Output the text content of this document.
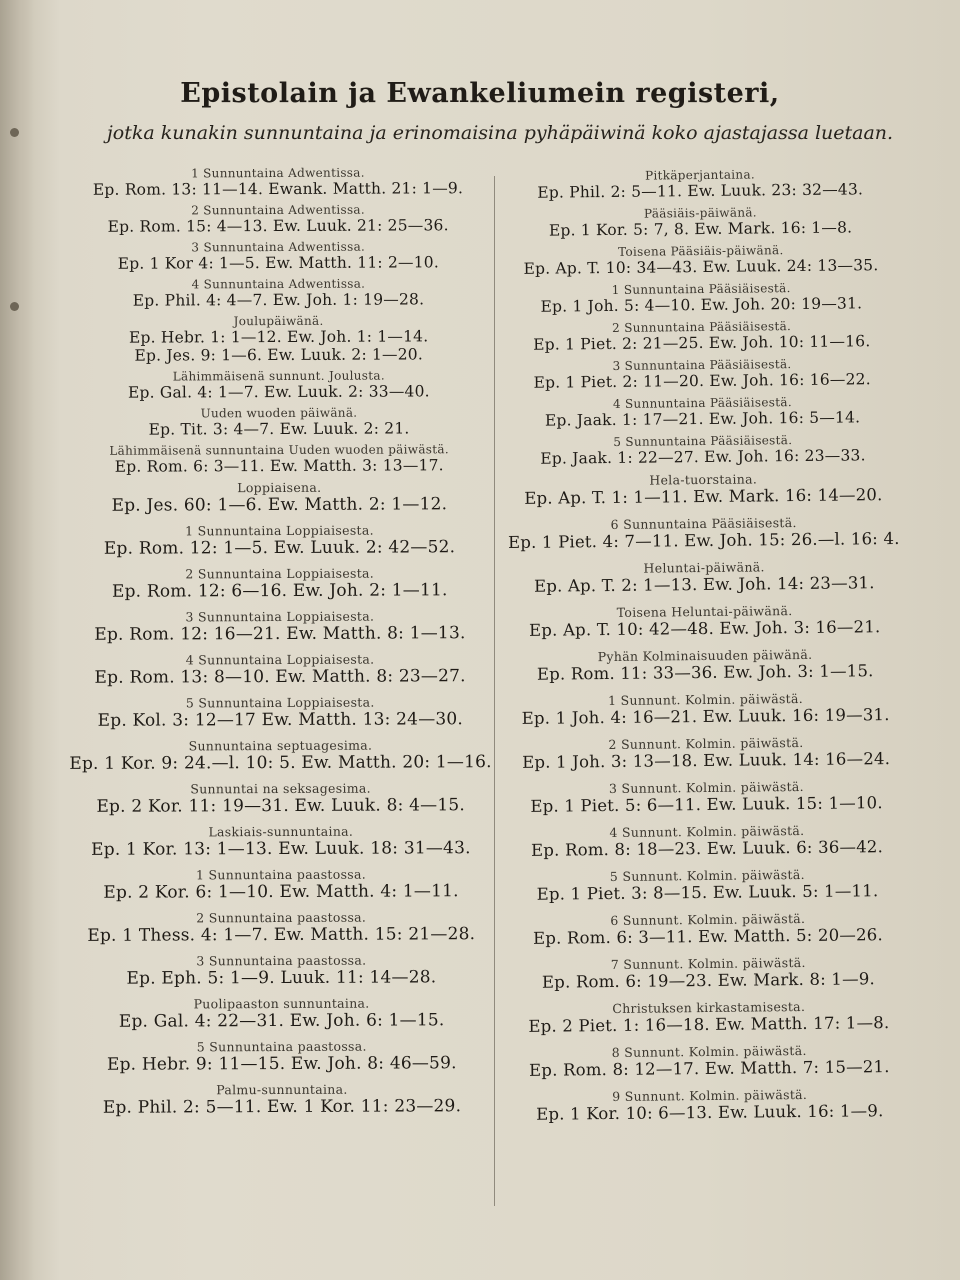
Epistolain ja Ewankeliumein registeri,
jotka kunakin sunnuntaina ja erinomaisina pyhäpäiwinä koko ajastajassa luetaan.
1 Sunnuntaina Adwentissa.
Ep. Rom. 13: 11—14. Ewank. Matth. 21: 1—9.
2 Sunnuntaina Adwentissa.
Ep. Rom. 15: 4—13. Ew. Luuk. 21: 25—36.
3 Sunnuntaina Adwentissa.
Ep. 1 Kor 4: 1—5. Ew. Matth. 11: 2—10.
4 Sunnuntaina Adwentissa.
Ep. Phil. 4: 4—7. Ew. Joh. 1: 19—28.
Joulupäiwänä.
Ep. Hebr. 1: 1—12. Ew. Joh. 1: 1—14.
Ep. Jes. 9: 1—6. Ew. Luuk. 2: 1—20.
Lähimmäisenä sunnunt. Joulusta.
Ep. Gal. 4: 1—7. Ew. Luuk. 2: 33—40.
Uuden wuoden päiwänä.
Ep. Tit. 3: 4—7. Ew. Luuk. 2: 21.
Lähimmäisenä sunnuntaina Uuden wuoden päiwästä.
Ep. Rom. 6: 3—11. Ew. Matth. 3: 13—17.
Loppiaisena.
Ep. Jes. 60: 1—6. Ew. Matth. 2: 1—12.
1 Sunnuntaina Loppiaisesta.
Ep. Rom. 12: 1—5. Ew. Luuk. 2: 42—52.
2 Sunnuntaina Loppiaisesta.
Ep. Rom. 12: 6—16. Ew. Joh. 2: 1—11.
3 Sunnuntaina Loppiaisesta.
Ep. Rom. 12: 16—21. Ew. Matth. 8: 1—13.
4 Sunnuntaina Loppiaisesta.
Ep. Rom. 13: 8—10. Ew. Matth. 8: 23—27.
5 Sunnuntaina Loppiaisesta.
Ep. Kol. 3: 12—17 Ew. Matth. 13: 24—30.
Sunnuntaina septuagesima.
Ep. 1 Kor. 9: 24.—l. 10: 5. Ew. Matth. 20: 1—16.
Sunnuntai na seksagesima.
Ep. 2 Kor. 11: 19—31. Ew. Luuk. 8: 4—15.
Laskiais-sunnuntaina.
Ep. 1 Kor. 13: 1—13. Ew. Luuk. 18: 31—43.
1 Sunnuntaina paastossa.
Ep. 2 Kor. 6: 1—10. Ew. Matth. 4: 1—11.
2 Sunnuntaina paastossa.
Ep. 1 Thess. 4: 1—7. Ew. Matth. 15: 21—28.
3 Sunnuntaina paastossa.
Ep. Eph. 5: 1—9. Luuk. 11: 14—28.
Puolipaaston sunnuntaina.
Ep. Gal. 4: 22—31. Ew. Joh. 6: 1—15.
5 Sunnuntaina paastossa.
Ep. Hebr. 9: 11—15. Ew. Joh. 8: 46—59.
Palmu-sunnuntaina.
Ep. Phil. 2: 5—11. Ew. 1 Kor. 11: 23—29.
Pitkäperjantaina.
Ep. Phil. 2: 5—11. Ew. Luuk. 23: 32—43.
Pääsiäis-päiwänä.
Ep. 1 Kor. 5: 7, 8. Ew. Mark. 16: 1—8.
Toisena Pääsiäis-päiwänä.
Ep. Ap. T. 10: 34—43. Ew. Luuk. 24: 13—35.
1 Sunnuntaina Pääsiäisestä.
Ep. 1 Joh. 5: 4—10. Ew. Joh. 20: 19—31.
2 Sunnuntaina Pääsiäisestä.
Ep. 1 Piet. 2: 21—25. Ew. Joh. 10: 11—16.
3 Sunnuntaina Pääsiäisestä.
Ep. 1 Piet. 2: 11—20. Ew. Joh. 16: 16—22.
4 Sunnuntaina Pääsiäisestä.
Ep. Jaak. 1: 17—21. Ew. Joh. 16: 5—14.
5 Sunnuntaina Pääsiäisestä.
Ep. Jaak. 1: 22—27. Ew. Joh. 16: 23—33.
Hela-tuorstaina.
Ep. Ap. T. 1: 1—11. Ew. Mark. 16: 14—20.
6 Sunnuntaina Pääsiäisestä.
Ep. 1 Piet. 4: 7—11. Ew. Joh. 15: 26.—l. 16: 4.
Heluntai-päiwänä.
Ep. Ap. T. 2: 1—13. Ew. Joh. 14: 23—31.
Toisena Heluntai-päiwänä.
Ep. Ap. T. 10: 42—48. Ew. Joh. 3: 16—21.
Pyhän Kolminaisuuden päiwänä.
Ep. Rom. 11: 33—36. Ew. Joh. 3: 1—15.
1 Sunnunt. Kolmin. päiwästä.
Ep. 1 Joh. 4: 16—21. Ew. Luuk. 16: 19—31.
2 Sunnunt. Kolmin. päiwästä.
Ep. 1 Joh. 3: 13—18. Ew. Luuk. 14: 16—24.
3 Sunnunt. Kolmin. päiwästä.
Ep. 1 Piet. 5: 6—11. Ew. Luuk. 15: 1—10.
4 Sunnunt. Kolmin. päiwästä.
Ep. Rom. 8: 18—23. Ew. Luuk. 6: 36—42.
5 Sunnunt. Kolmin. päiwästä.
Ep. 1 Piet. 3: 8—15. Ew. Luuk. 5: 1—11.
6 Sunnunt. Kolmin. päiwästä.
Ep. Rom. 6: 3—11. Ew. Matth. 5: 20—26.
7 Sunnunt. Kolmin. päiwästä.
Ep. Rom. 6: 19—23. Ew. Mark. 8: 1—9.
Christuksen kirkastamisesta.
Ep. 2 Piet. 1: 16—18. Ew. Matth. 17: 1—8.
8 Sunnunt. Kolmin. päiwästä.
Ep. Rom. 8: 12—17. Ew. Matth. 7: 15—21.
9 Sunnunt. Kolmin. päiwästä.
Ep. 1 Kor. 10: 6—13. Ew. Luuk. 16: 1—9.
